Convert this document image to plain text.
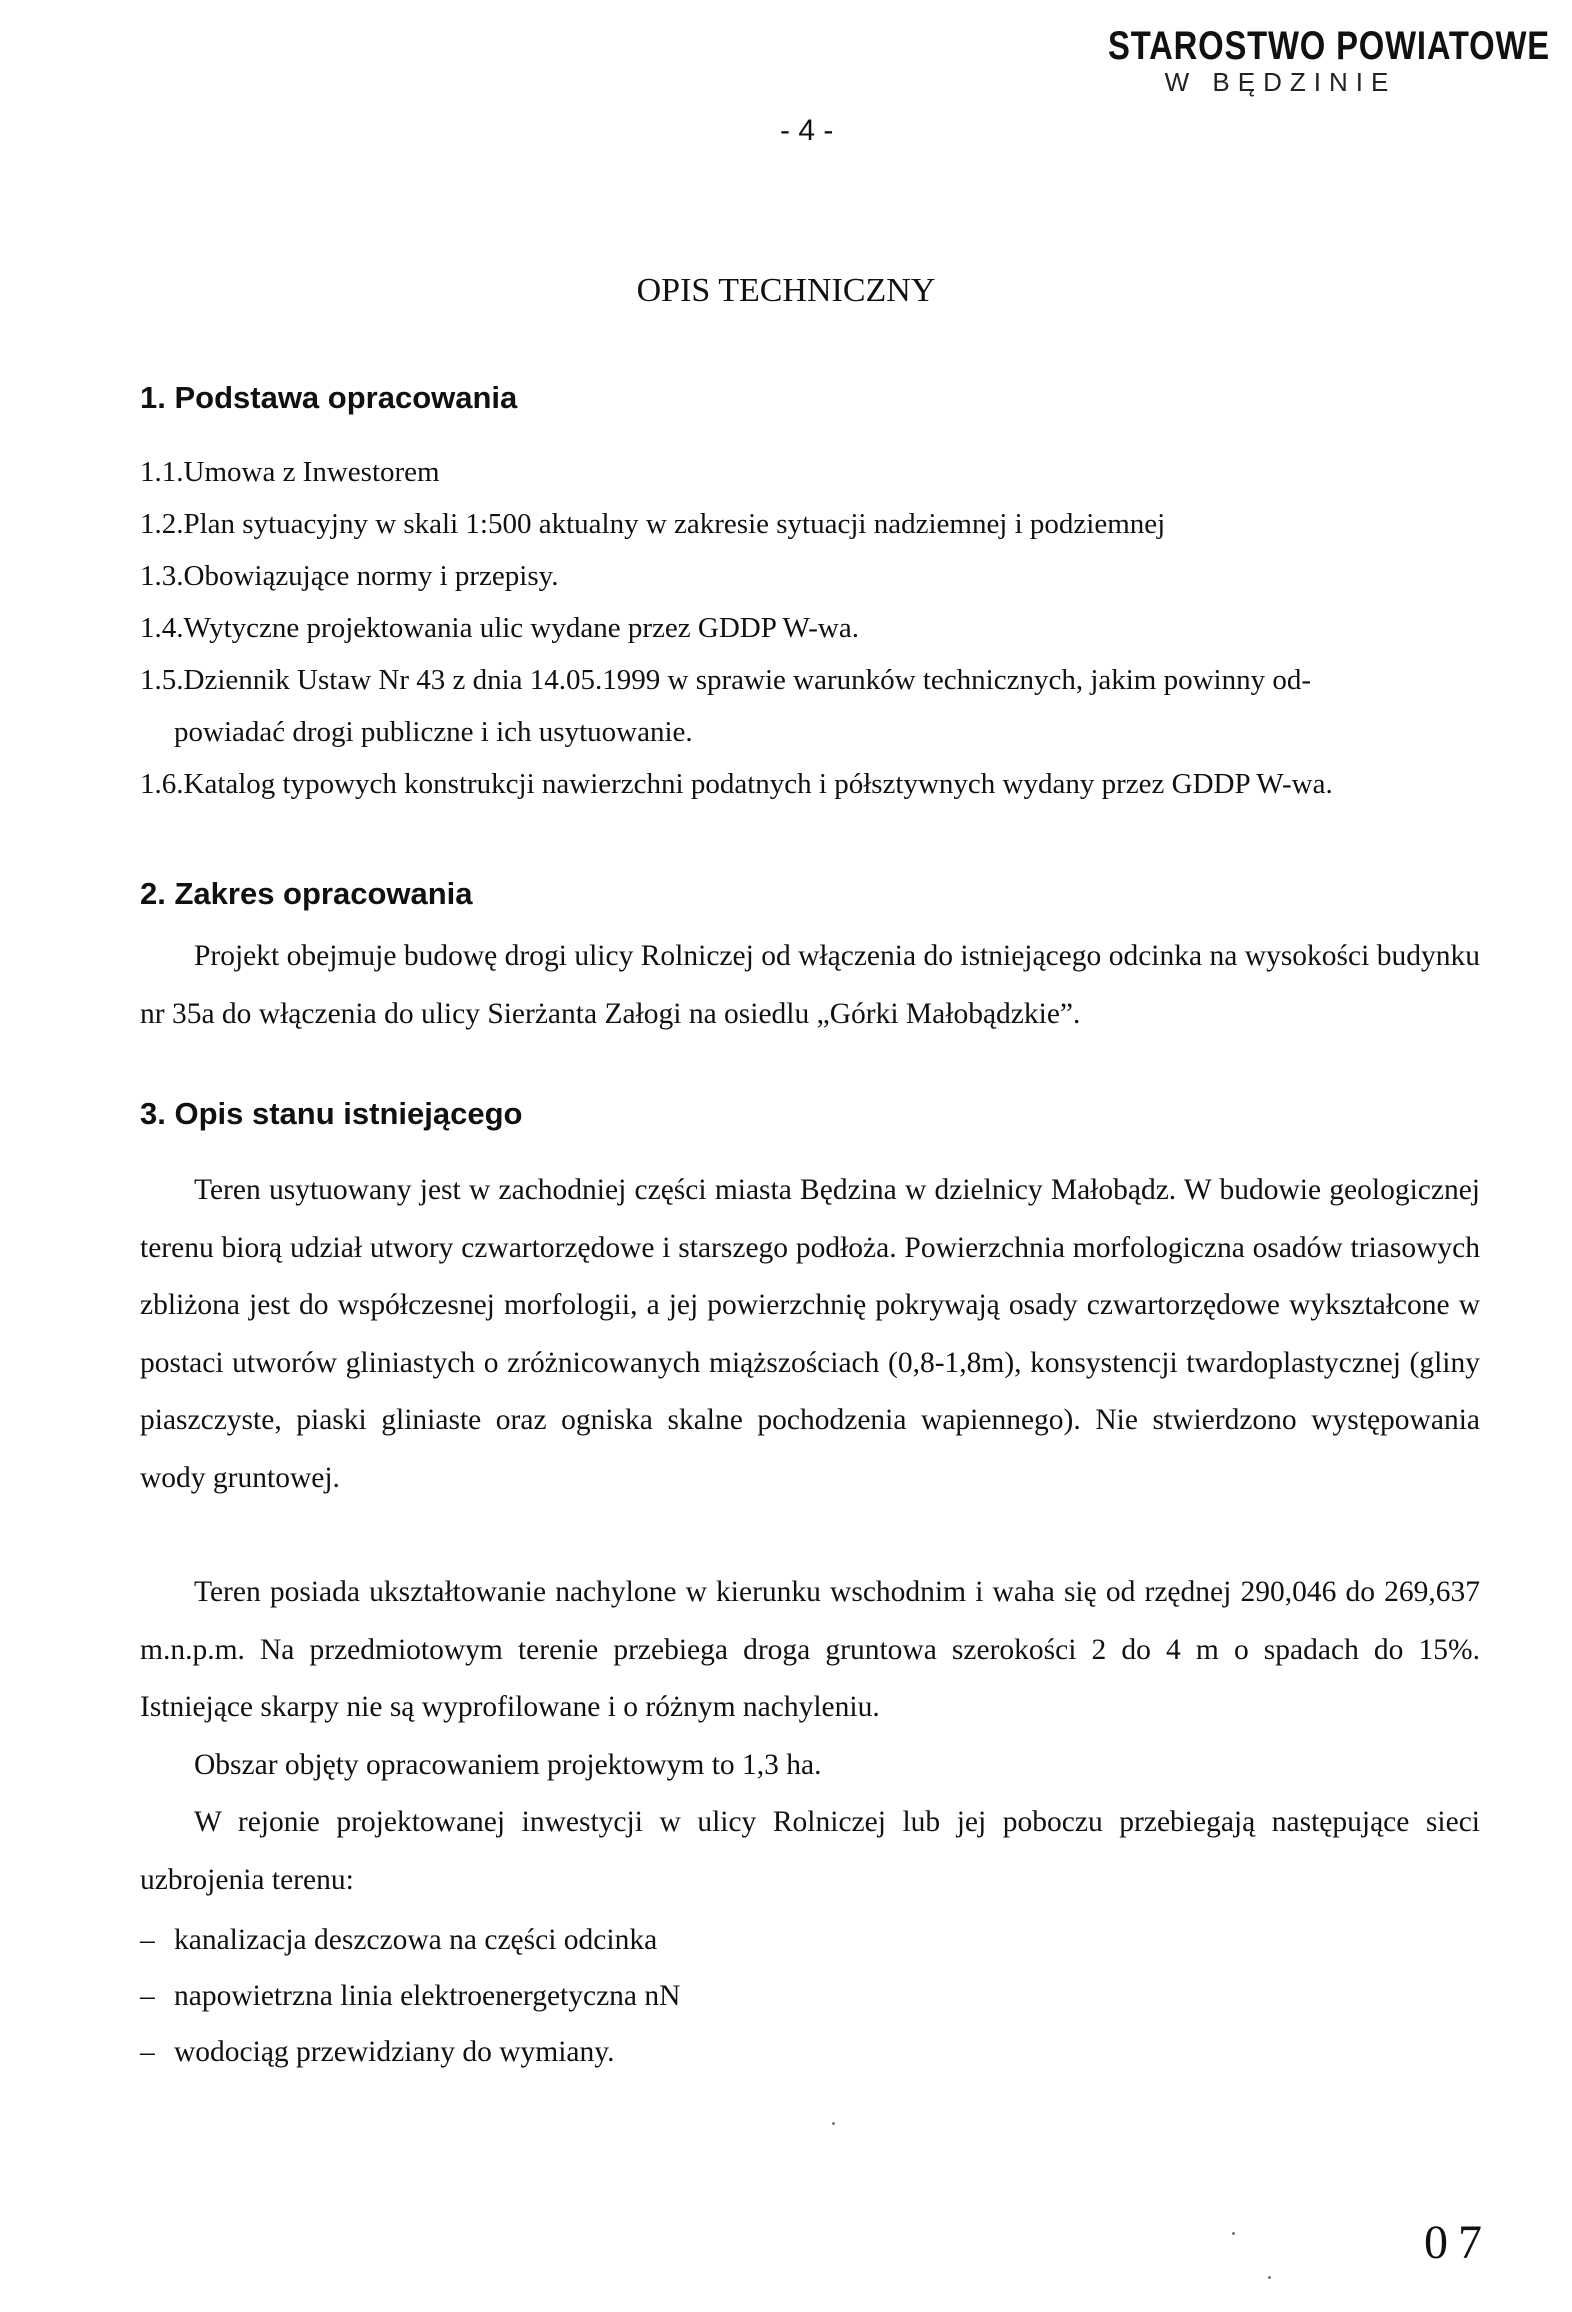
STAROSTWO POWIATOWE
W BĘDZINIE
- 4 -
OPIS TECHNICZNY
1. Podstawa opracowania
1.1.Umowa z Inwestorem
1.2.Plan sytuacyjny w skali 1:500 aktualny w zakresie sytuacji nadziemnej i podziemnej
1.3.Obowiązujące normy i przepisy.
1.4.Wytyczne projektowania ulic wydane przez GDDP W-wa.
1.5.Dziennik Ustaw Nr 43 z dnia 14.05.1999 w sprawie warunków technicznych, jakim powinny od-
powiadać drogi publiczne i ich usytuowanie.
1.6.Katalog typowych konstrukcji nawierzchni podatnych i półsztywnych wydany przez GDDP W-wa.
2. Zakres opracowania

Projekt obejmuje budowę drogi ulicy Rolniczej od włączenia do istniejącego odcinka na wysokości budynku nr 35a do włączenia do ulicy Sierżanta Załogi na osiedlu „Górki Małobądzkie”.

3. Opis stanu istniejącego

Teren usytuowany jest w zachodniej części miasta Będzina w dzielnicy Małobądz. W budowie geologicznej terenu biorą udział utwory czwartorzędowe i starszego podłoża. Powierzchnia morfologiczna osadów triasowych zbliżona jest do współczesnej morfologii, a jej powierzchnię pokrywają osady czwartorzędowe wykształcone w postaci utworów gliniastych o zróżnicowanych miąższościach (0,8-1,8m), konsystencji twardoplastycznej (gliny piaszczyste, piaski gliniaste oraz ogniska skalne pochodzenia wapiennego). Nie stwierdzono występowania wody gruntowej.

Teren posiada ukształtowanie nachylone w kierunku wschodnim i waha się od rzędnej 290,046 do 269,637 m.n.p.m. Na przedmiotowym terenie przebiega droga gruntowa szerokości 2 do 4 m o spadach do 15%. Istniejące skarpy nie są wyprofilowane i o różnym nachyleniu.

Obszar objęty opracowaniem projektowym to 1,3 ha.

W rejonie projektowanej inwestycji w ulicy Rolniczej lub jej poboczu przebiegają następujące sieci uzbrojenia terenu:

– kanalizacja deszczowa na części odcinka
– napowietrzna linia elektroenergetyczna nN
– wodociąg przewidziany do wymiany.
07
